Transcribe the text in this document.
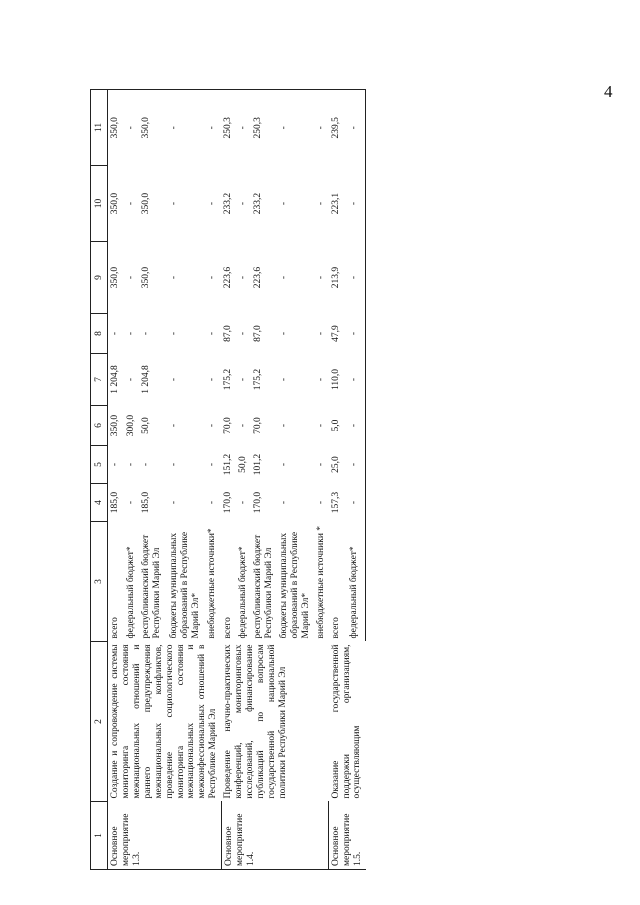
4
1	2	3	4	5	6	7	8	9	10	11
Основное мероприятие 1.3.	Создание и сопровождение системы мониторинга состояния межнациональных отношений и раннего предупреждения межнациональных конфликтов, проведение социологического мониторинга состояния межнациональных и межконфессиональных отношений в Республике Марий Эл	всего	185,0	-	350,0	1 204,8	-	350,0	350,0	350,0
		федеральный бюджет*	-	-	300,0	-	-	-	-	-
		республиканский бюджет Республики Марий Эл	185,0	-	50,0	1 204,8	-	350,0	350,0	350,0
		бюджеты муниципальных образований в Республике Марий Эл*	-	-	-	-	-	-	-	-
		внебюджетные источники*	-	-	-	-	-	-	-	-
Основное мероприятие 1.4.	Проведение научно-практических конференций, мониторинговых исследований, финансирование публикаций по вопросам государственной национальной политики Республики Марий Эл	всего	170,0	151,2	70,0	175,2	87,0	223,6	233,2	250,3
		федеральный бюджет*	-	50,0	-	-	-	-	-	-
		республиканский бюджет Республики Марий Эл	170,0	101,2	70,0	175,2	87,0	223,6	233,2	250,3
		бюджеты муниципальных образований в Республике Марий Эл*	-	-	-	-	-	-	-	-
		внебюджетные источники *	-	-	-	-	-	-	-	-
Основное мероприятие 1.5.	Оказание государственной поддержки организациям, осуществляющим	всего	157,3	25,0	5,0	110,0	47,9	213,9	223,1	239,5
		федеральный бюджет*	-	-	-	-	-	-	-	-
